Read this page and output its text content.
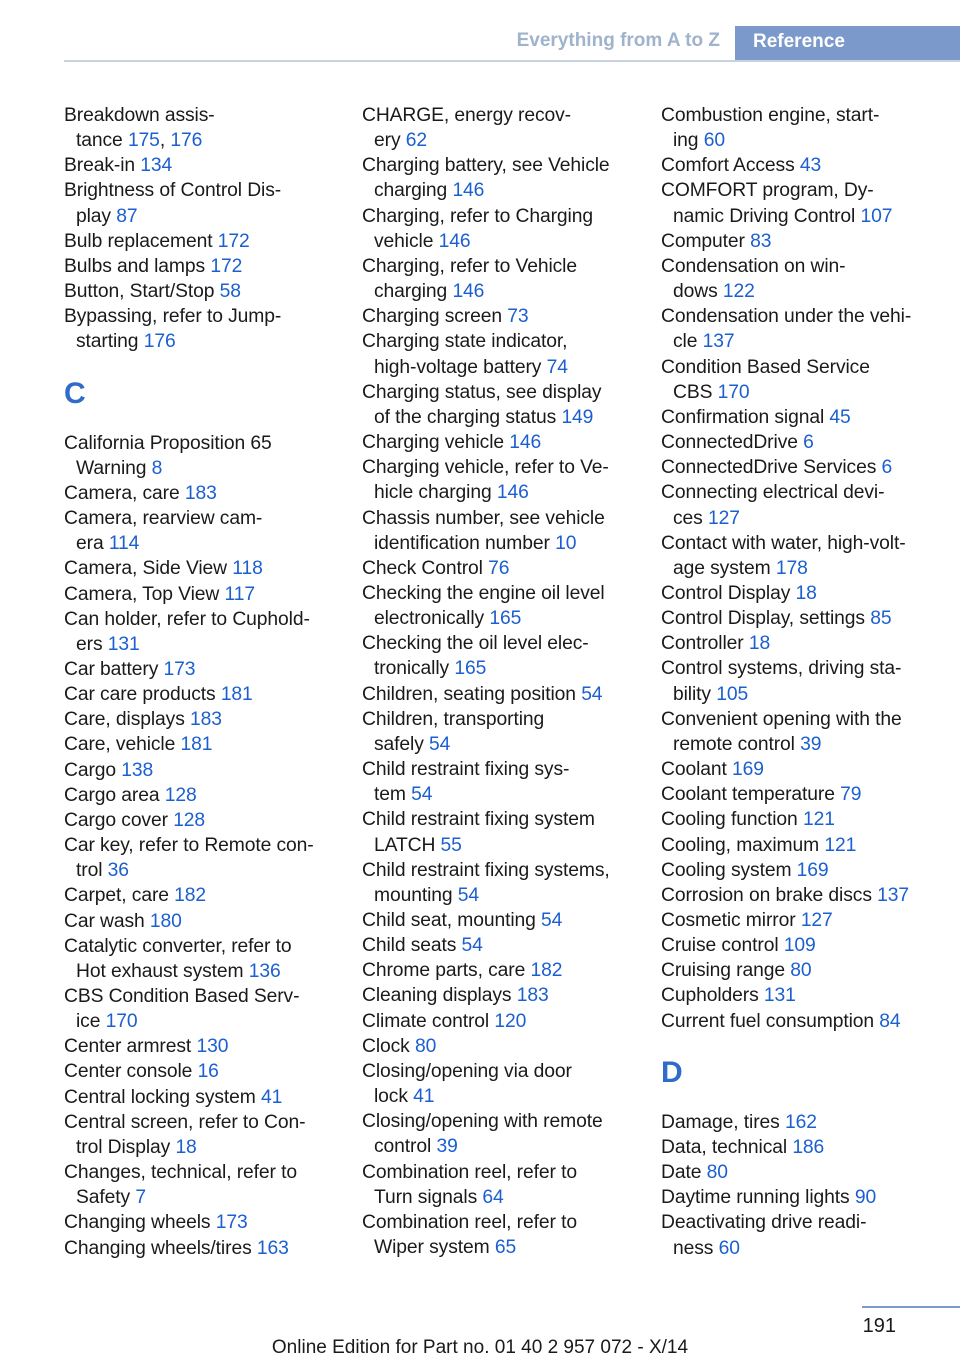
Everything from A to Z	Reference
Breakdown assis-
tance 175, 176
Break-in 134
Brightness of Control Dis-
play 87
Bulb replacement 172
Bulbs and lamps 172
Button, Start/Stop 58
Bypassing, refer to Jump-
starting 176
C
California Proposition 65
Warning 8
Camera, care 183
Camera, rearview cam-
era 114
Camera, Side View 118
Camera, Top View 117
Can holder, refer to Cuphold-
ers 131
Car battery 173
Car care products 181
Care, displays 183
Care, vehicle 181
Cargo 138
Cargo area 128
Cargo cover 128
Car key, refer to Remote con-
trol 36
Carpet, care 182
Car wash 180
Catalytic converter, refer to
Hot exhaust system 136
CBS Condition Based Serv-
ice 170
Center armrest 130
Center console 16
Central locking system 41
Central screen, refer to Con-
trol Display 18
Changes, technical, refer to
Safety 7
Changing wheels 173
Changing wheels/tires 163
CHARGE, energy recov-
ery 62
Charging battery, see Vehicle
charging 146
Charging, refer to Charging
vehicle 146
Charging, refer to Vehicle
charging 146
Charging screen 73
Charging state indicator,
high-voltage battery 74
Charging status, see display
of the charging status 149
Charging vehicle 146
Charging vehicle, refer to Ve-
hicle charging 146
Chassis number, see vehicle
identification number 10
Check Control 76
Checking the engine oil level
electronically 165
Checking the oil level elec-
tronically 165
Children, seating position 54
Children, transporting
safely 54
Child restraint fixing sys-
tem 54
Child restraint fixing system
LATCH 55
Child restraint fixing systems,
mounting 54
Child seat, mounting 54
Child seats 54
Chrome parts, care 182
Cleaning displays 183
Climate control 120
Clock 80
Closing/opening via door
lock 41
Closing/opening with remote
control 39
Combination reel, refer to
Turn signals 64
Combination reel, refer to
Wiper system 65
Combustion engine, start-
ing 60
Comfort Access 43
COMFORT program, Dy-
namic Driving Control 107
Computer 83
Condensation on win-
dows 122
Condensation under the vehi-
cle 137
Condition Based Service
CBS 170
Confirmation signal 45
ConnectedDrive 6
ConnectedDrive Services 6
Connecting electrical devi-
ces 127
Contact with water, high-volt-
age system 178
Control Display 18
Control Display, settings 85
Controller 18
Control systems, driving sta-
bility 105
Convenient opening with the
remote control 39
Coolant 169
Coolant temperature 79
Cooling function 121
Cooling, maximum 121
Cooling system 169
Corrosion on brake discs 137
Cosmetic mirror 127
Cruise control 109
Cruising range 80
Cupholders 131
Current fuel consumption 84
D
Damage, tires 162
Data, technical 186
Date 80
Daytime running lights 90
Deactivating drive readi-
ness 60
191
Online Edition for Part no. 01 40 2 957 072 - X/14
